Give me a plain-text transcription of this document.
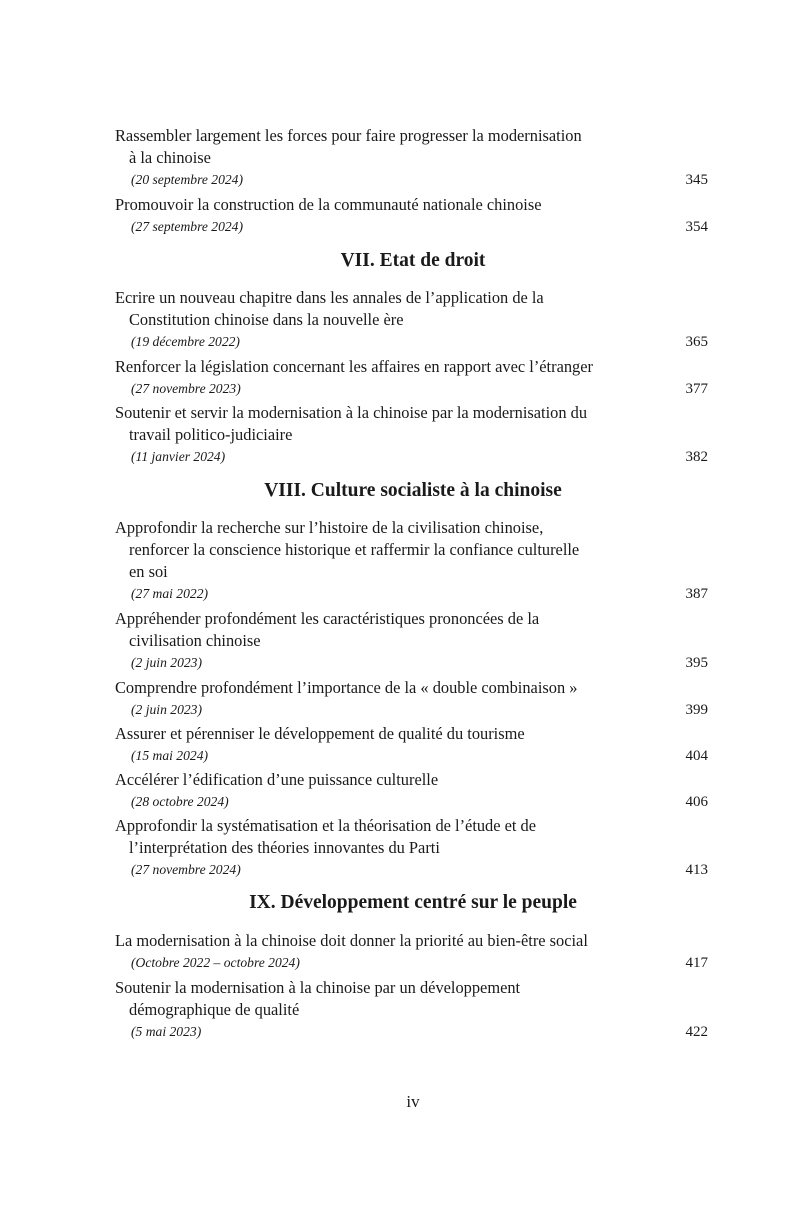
Rassembler largement les forces pour faire progresser la modernisation

à la chinoise

(20 septembre 2024)	345

Promouvoir la construction de la communauté nationale chinoise

(27 septembre 2024)	354
VII. Etat de droit

Ecrire un nouveau chapitre dans les annales de l’application de la

Constitution chinoise dans la nouvelle ère

(19 décembre 2022)	365

Renforcer la législation concernant les affaires en rapport avec l’étranger

(27 novembre 2023)	377

Soutenir et servir la modernisation à la chinoise par la modernisation du

travail politico-judiciaire

(11 janvier 2024)	382
VIII. Culture socialiste à la chinoise

Approfondir la recherche sur l’histoire de la civilisation chinoise,

renforcer la conscience historique et raffermir la confiance culturelle

en soi

(27 mai 2022)	387

Appréhender profondément les caractéristiques prononcées de la

civilisation chinoise

(2 juin 2023)	395

Comprendre profondément l’importance de la « double combinaison »

(2 juin 2023)	399

Assurer et pérenniser le développement de qualité du tourisme

(15 mai 2024)	404

Accélérer l’édification d’une puissance culturelle

(28 octobre 2024)	406

Approfondir la systématisation et la théorisation de l’étude et de

l’interprétation des théories innovantes du Parti

(27 novembre 2024)	413
IX. Développement centré sur le peuple

La modernisation à la chinoise doit donner la priorité au bien-être social

(Octobre 2022 – octobre 2024)	417

Soutenir la modernisation à la chinoise par un développement

démographique de qualité

(5 mai 2023)	422
iv
